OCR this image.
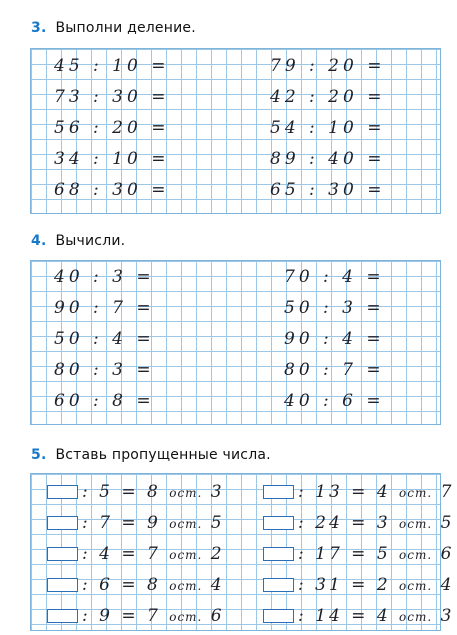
3. Выполни деление.
45 : 10 =
73 : 30 =
56 : 20 =
34 : 10 =
68 : 30 =
79 : 20 =
42 : 20 =
54 : 10 =
89 : 40 =
65 : 30 =
4. Вычисли.
40 : 3 =
90 : 7 =
50 : 4 =
80 : 3 =
60 : 8 =
70 : 4 =
50 : 3 =
90 : 4 =
80 : 7 =
40 : 6 =
5. Вставь пропущенные числа.
: 5 = 8 ост. 3
: 7 = 9 ост. 5
: 4 = 7 ост. 2
: 6 = 8 ост. 4
: 9 = 7 ост. 6
: 13 = 4 ост. 7
: 24 = 3 ост. 5
: 17 = 5 ост. 6
: 31 = 2 ост. 4
: 14 = 4 ост. 3
